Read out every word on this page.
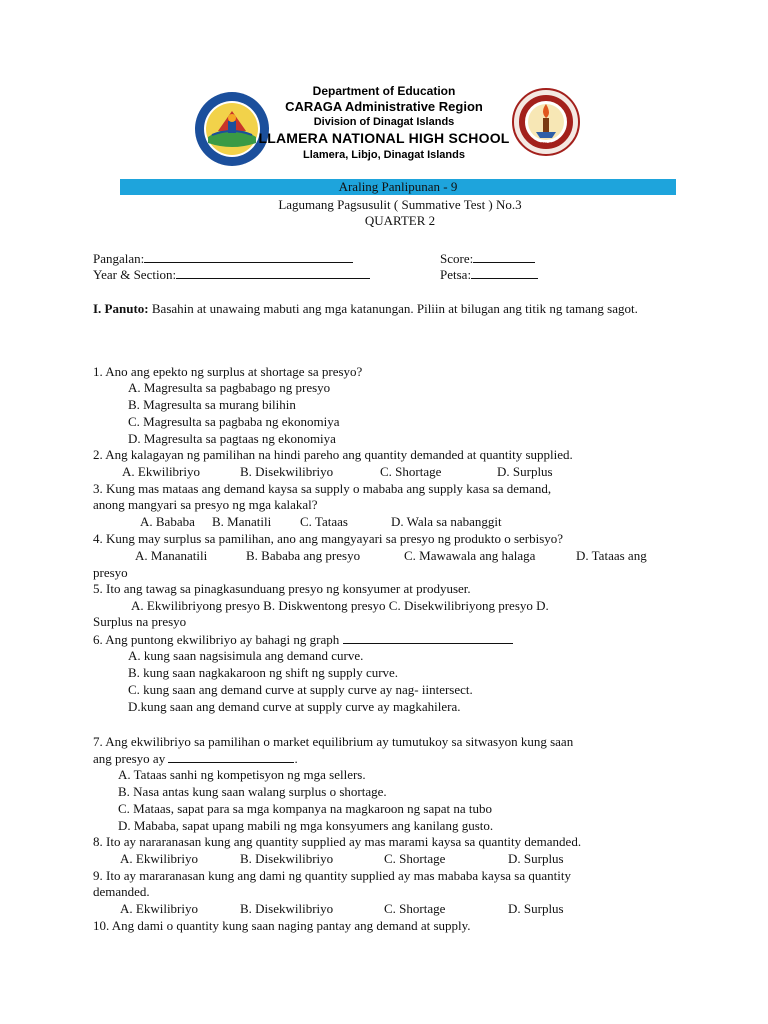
SINCE 1969
Department of Education
CARAGA Administrative Region
Division of Dinagat Islands
LLAMERA NATIONAL HIGH SCHOOL
Llamera, Libjo, Dinagat Islands
Araling Panlipunan - 9
Lagumang Pagsusulit ( Summative Test ) No.3
QUARTER 2
Pangalan:	Score:
Year & Section:	Petsa:
I. Panuto: Basahin at unawaing mabuti ang mga katanungan. Piliin at bilugan ang titik ng tamang sagot.
1. Ano ang epekto ng surplus at shortage sa presyo?
A. Magresulta sa pagbabago ng presyo
B. Magresulta sa murang bilihin
C. Magresulta sa pagbaba ng ekonomiya
D. Magresulta sa pagtaas ng ekonomiya
2. Ang kalagayan ng pamilihan na hindi pareho ang quantity demanded at quantity supplied.
A. Ekwilibriyo	B. Disekwilibriyo	C. Shortage	D. Surplus
3. Kung mas mataas ang demand kaysa sa supply o mababa ang supply kasa sa demand,
anong mangyari sa presyo ng mga kalakal?
A. Bababa B. Manatili C. Tataas	D. Wala sa nabanggit
4. Kung may surplus sa pamilihan, ano ang mangyayari sa presyo ng produkto o serbisyo?
A. Mananatili	B. Bababa ang presyo	C. Mawawala ang halaga	D. Tataas ang
presyo
5. Ito ang tawag sa pinagkasunduang presyo ng konsyumer at prodyuser.
A. Ekwilibriyong presyo B. Diskwentong presyo C. Disekwilibriyong presyo D.
Surplus na presyo
6. Ang puntong ekwilibriyo ay bahagi ng graph
A. kung saan nagsisimula ang demand curve.
B. kung saan nagkakaroon ng shift ng supply curve.
C. kung saan ang demand curve at supply curve ay nag- iintersect.
D.kung saan ang demand curve at supply curve ay magkahilera.
7. Ang ekwilibriyo sa pamilihan o market equilibrium ay tumutukoy sa sitwasyon kung saan
ang presyo ay	.
A. Tataas sanhi ng kompetisyon ng mga sellers.
B. Nasa antas kung saan walang surplus o shortage.
C. Mataas, sapat para sa mga kompanya na magkaroon ng sapat na tubo
D. Mababa, sapat upang mabili ng mga konsyumers ang kanilang gusto.
8. Ito ay nararanasan kung ang quantity supplied ay mas marami kaysa sa quantity demanded.
A. Ekwilibriyo	B. Disekwilibriyo	C. Shortage	D. Surplus
9. Ito ay mararanasan kung ang dami ng quantity supplied ay mas mababa kaysa sa quantity
demanded.
A. Ekwilibriyo	B. Disekwilibriyo	C. Shortage	D. Surplus
10. Ang dami o quantity kung saan naging pantay ang demand at supply.
